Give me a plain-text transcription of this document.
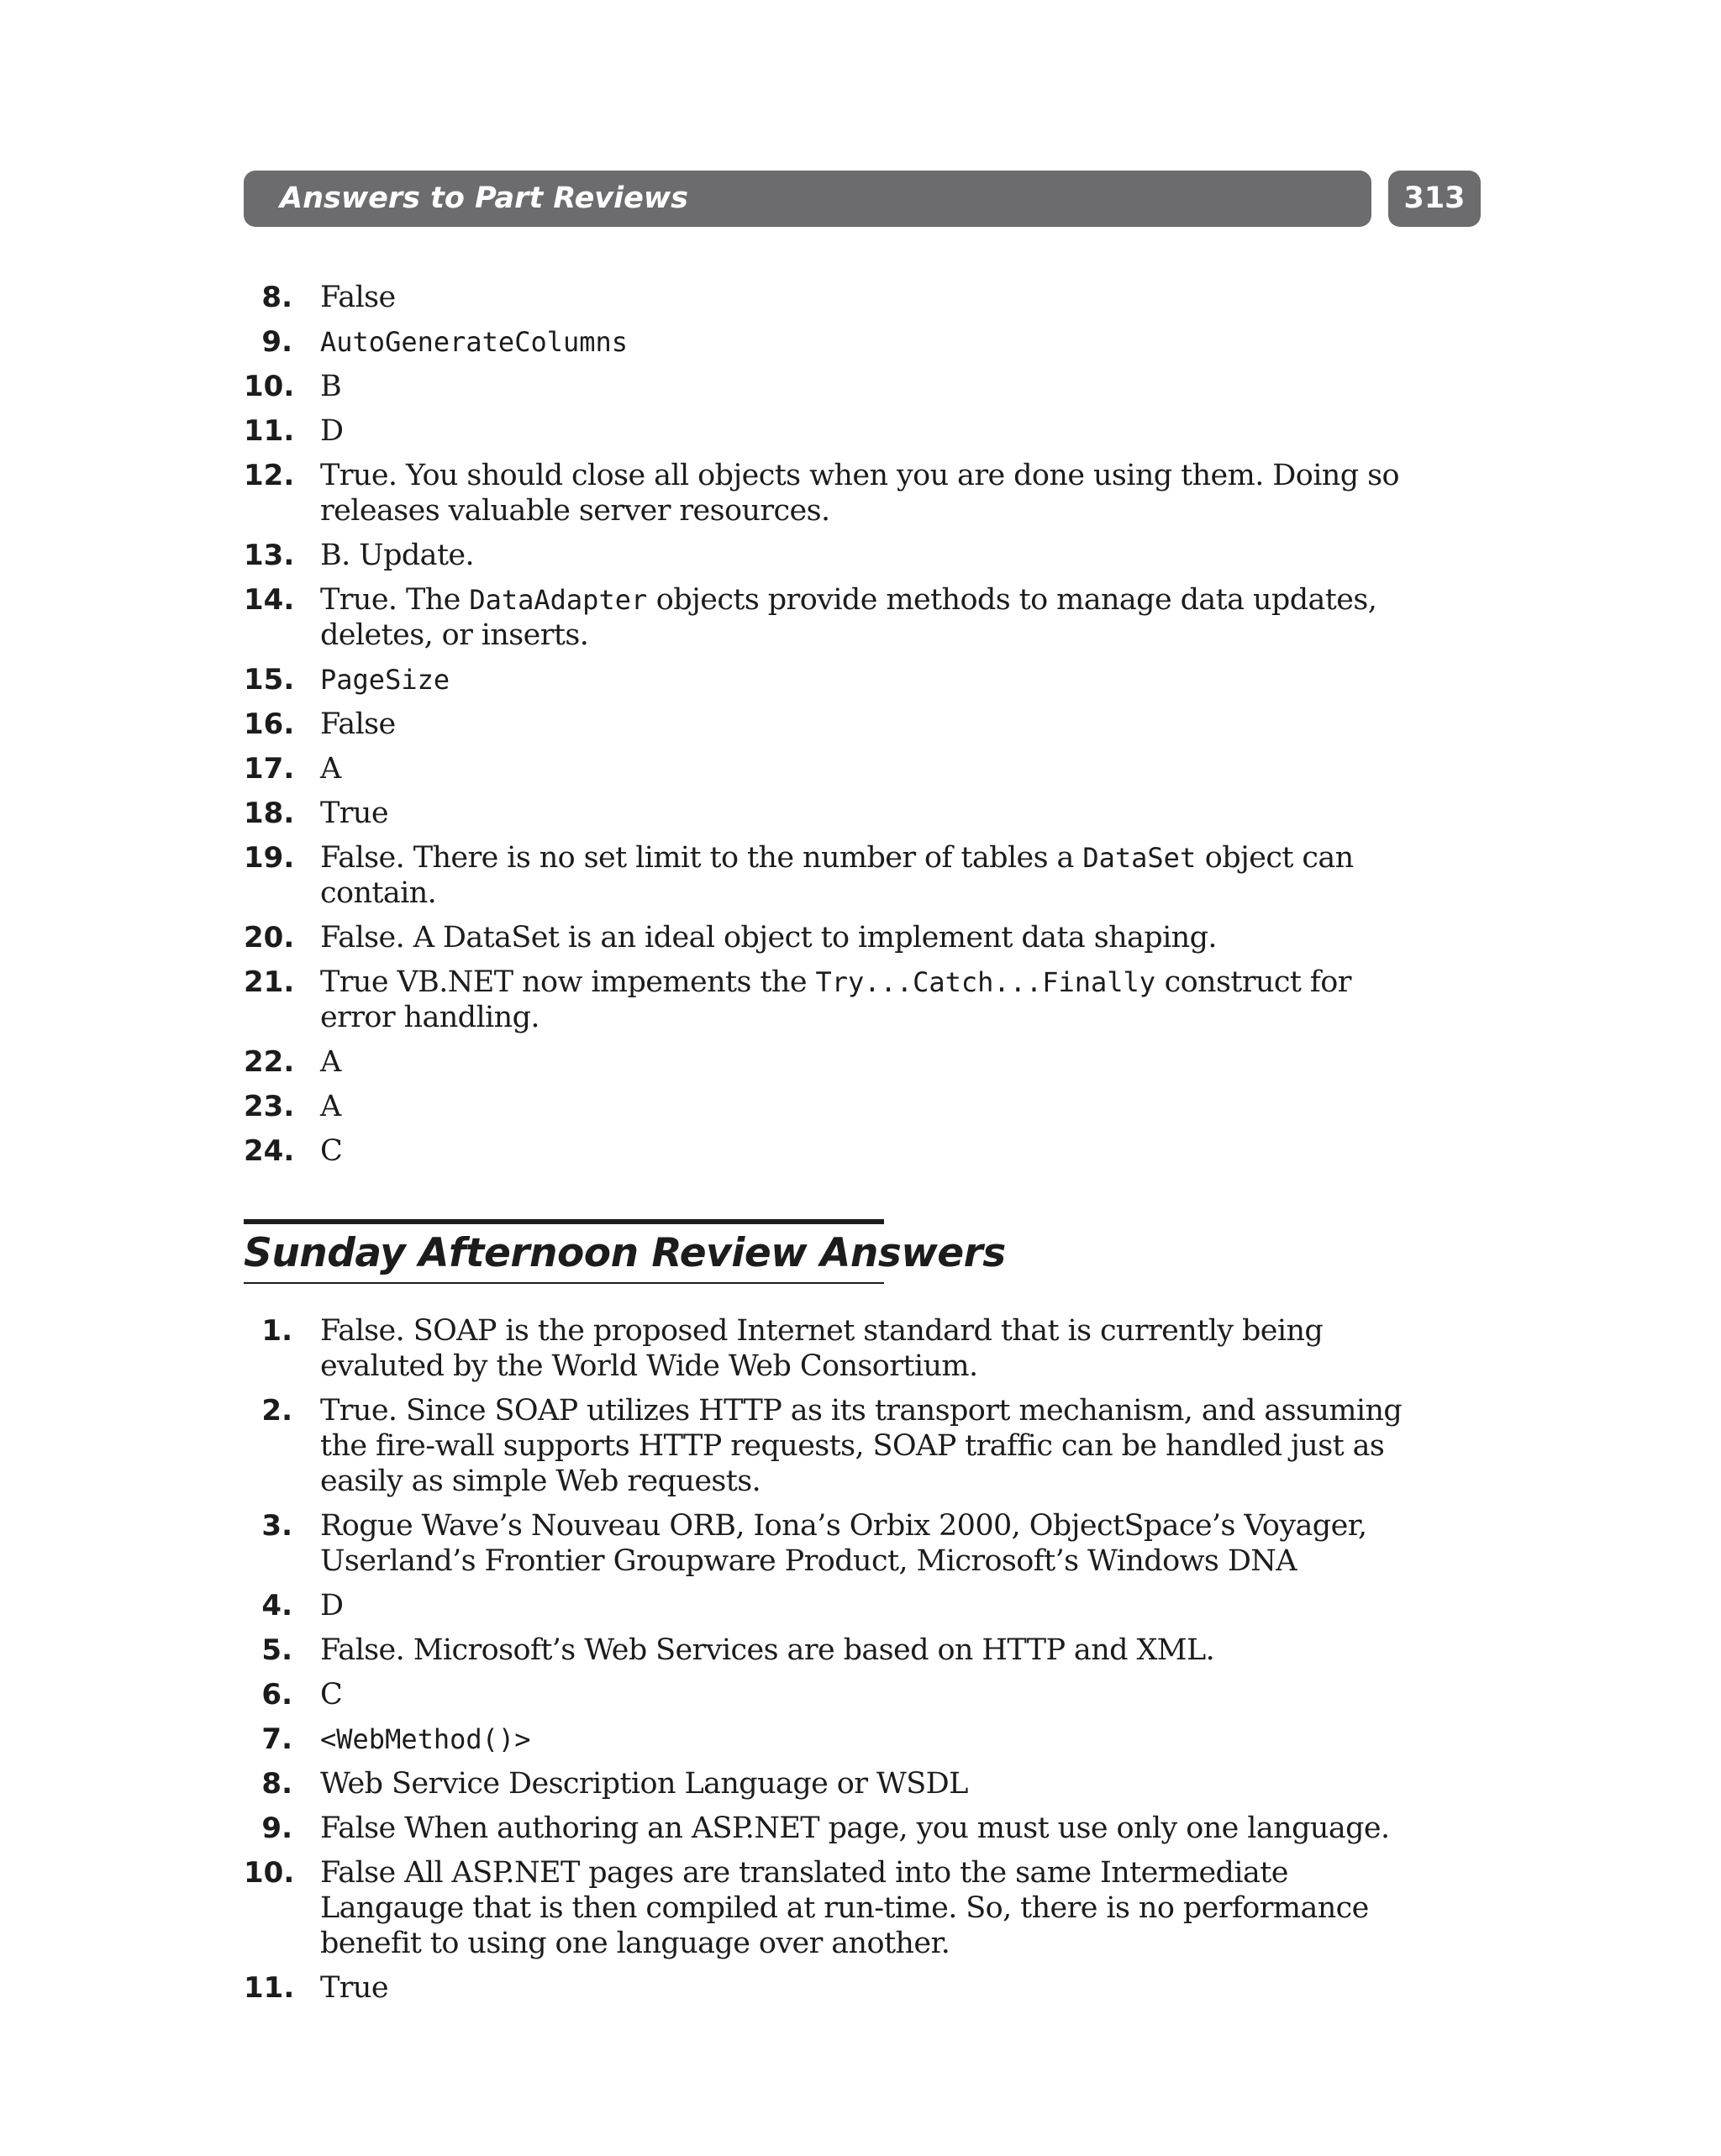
Answers to Part Reviews	313
8. False
9. AutoGenerateColumns
10. B
11. D
12. True. You should close all objects when you are done using them. Doing so releases valuable server resources.
13. B. Update.
14. True. The DataAdapter objects provide methods to manage data updates, deletes, or inserts.
15. PageSize
16. False
17. A
18. True
19. False. There is no set limit to the number of tables a DataSet object can contain.
20. False. A DataSet is an ideal object to implement data shaping.
21. True VB.NET now impements the Try...Catch...Finally construct for error handling.
22. A
23. A
24. C
Sunday Afternoon Review Answers
1. False. SOAP is the proposed Internet standard that is currently being evaluted by the World Wide Web Consortium.
2. True. Since SOAP utilizes HTTP as its transport mechanism, and assuming the fire-wall supports HTTP requests, SOAP traffic can be handled just as easily as simple Web requests.
3. Rogue Wave’s Nouveau ORB, Iona’s Orbix 2000, ObjectSpace’s Voyager, Userland’s Frontier Groupware Product, Microsoft’s Windows DNA
4. D
5. False. Microsoft’s Web Services are based on HTTP and XML.
6. C
7. <WebMethod()>
8. Web Service Description Language or WSDL
9. False When authoring an ASP.NET page, you must use only one language.
10. False All ASP.NET pages are translated into the same Intermediate Langauge that is then compiled at run-time. So, there is no performance benefit to using one language over another.
11. True
